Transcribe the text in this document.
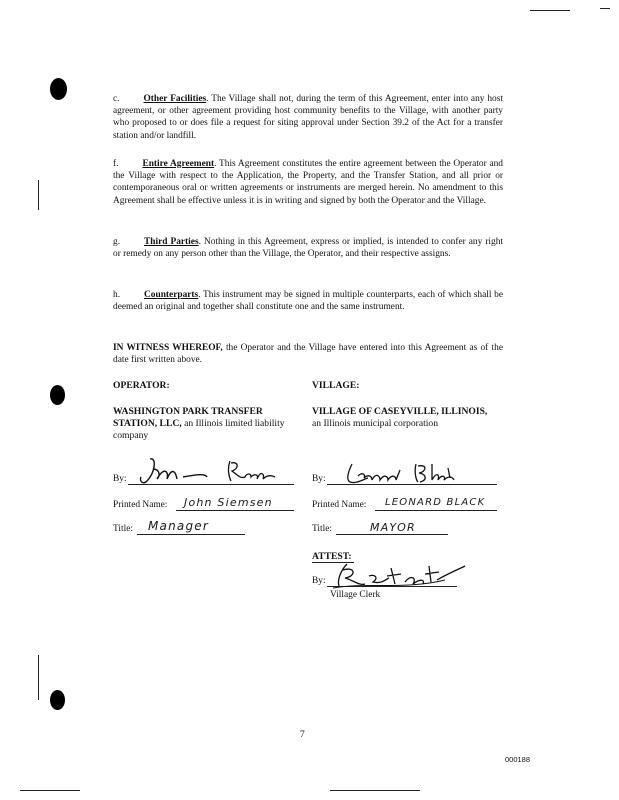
c.	Other Facilities. The Village shall not, during the term of this Agreement, enter into any host agreement, or other agreement providing host community benefits to the Village, with another party who proposed to or does file a request for siting approval under Section 39.2 of the Act for a transfer station and/or landfill.
f.	Entire Agreement. This Agreement constitutes the entire agreement between the Operator and the Village with respect to the Application, the Property, and the Transfer Station, and all prior or contemporaneous oral or written agreements or instruments are merged herein. No amendment to this Agreement shall be effective unless it is in writing and signed by both the Operator and the Village.
g.	Third Parties. Nothing in this Agreement, express or implied, is intended to confer any right or remedy on any person other than the Village, the Operator, and their respective assigns.
h.	Counterparts. This instrument may be signed in multiple counterparts, each of which shall be deemed an original and together shall constitute one and the same instrument.
IN WITNESS WHEREOF, the Operator and the Village have entered into this Agreement as of the date first written above.
OPERATOR:
WASHINGTON PARK TRANSFER STATION, LLC, an Illinois limited liability company
By:
Printed Name: John Siemsen
Title: Manager
VILLAGE:
VILLAGE OF CASEYVILLE, ILLINOIS, an Illinois municipal corporation
By:
Printed Name: LEONARD BLACK
Title:	MAYOR
ATTEST:
By:
Village Clerk
7
000188
